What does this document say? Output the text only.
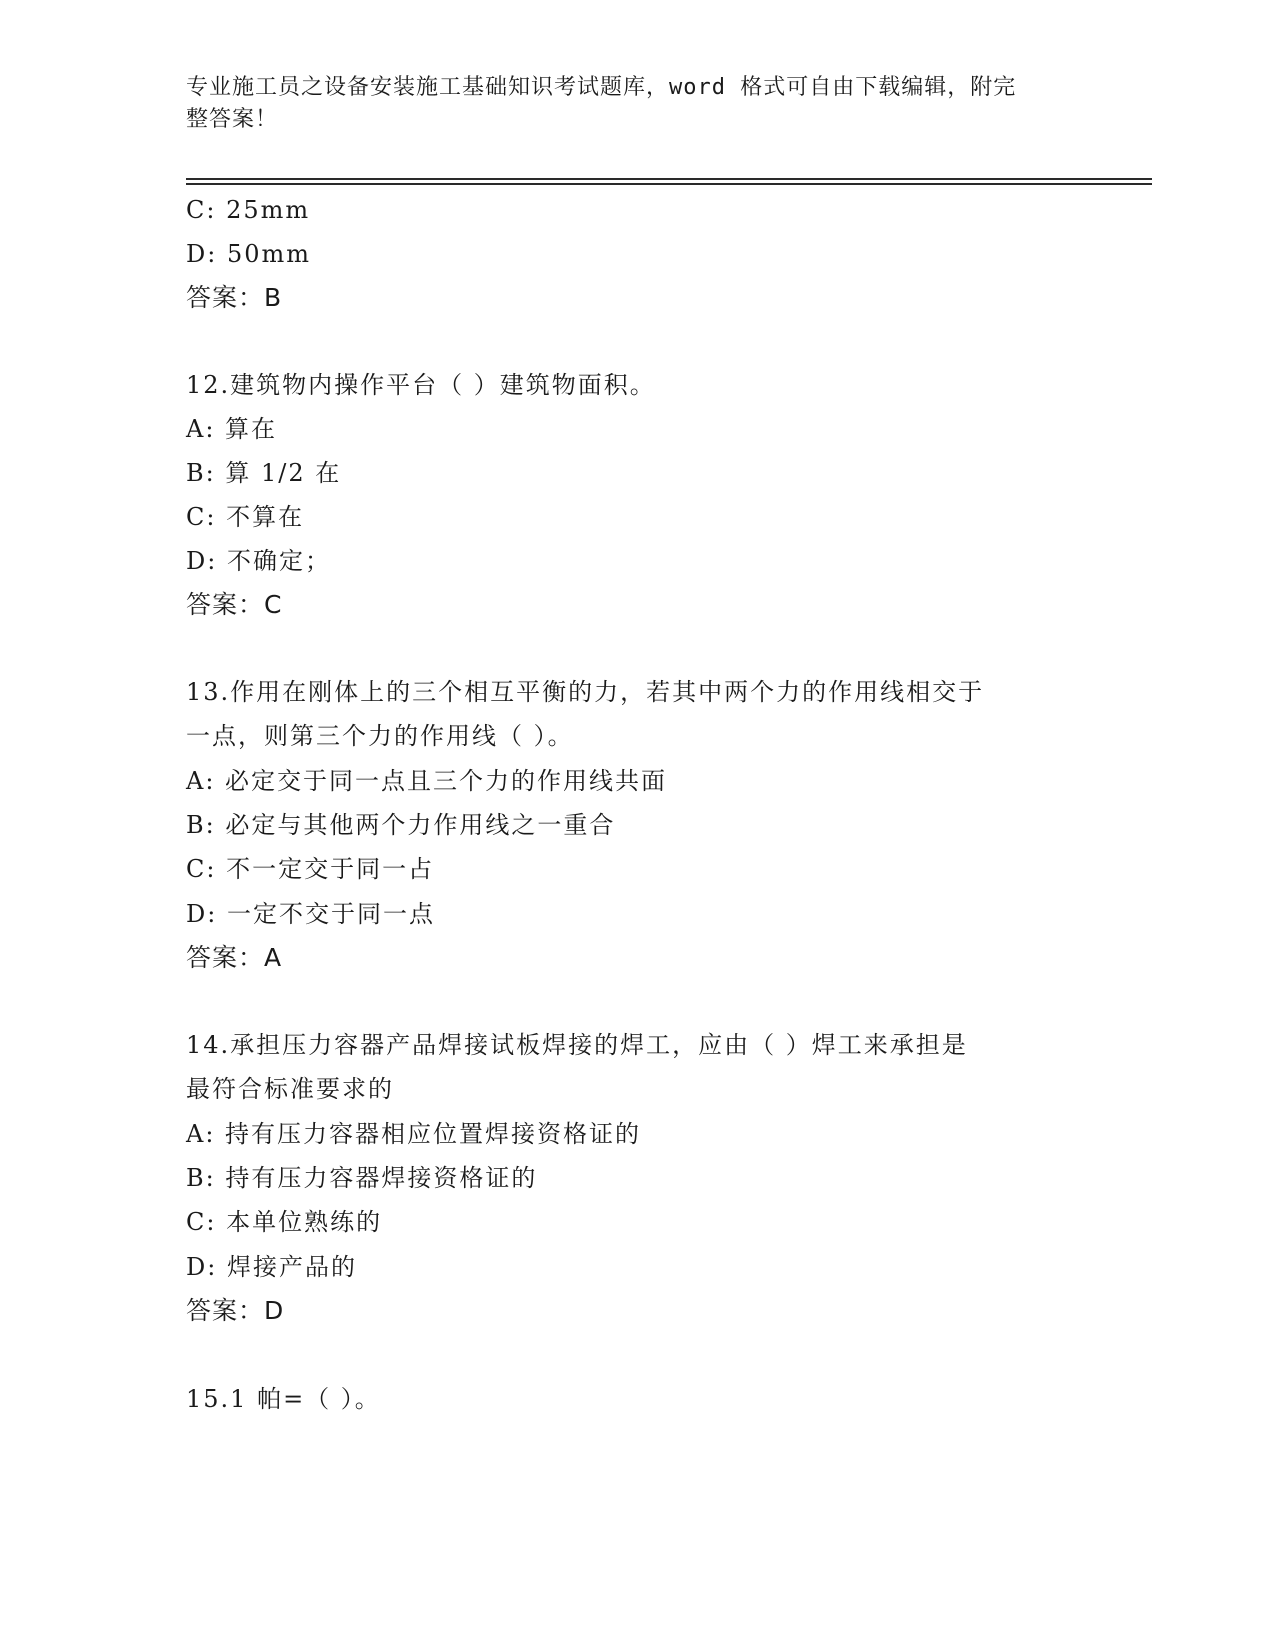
专业施工员之设备安装施工基础知识考试题库，word 格式可自由下载编辑，附完
整答案！
C: 25mm
D: 50mm
答案：B
12.建筑物内操作平台（ ）建筑物面积。
A: 算在
B: 算 1/2 在
C: 不算在
D: 不确定；
答案：C
13.作用在刚体上的三个相互平衡的力，若其中两个力的作用线相交于
一点，则第三个力的作用线（ ）。
A: 必定交于同一点且三个力的作用线共面
B: 必定与其他两个力作用线之一重合
C: 不一定交于同一占
D: 一定不交于同一点
答案：A
14.承担压力容器产品焊接试板焊接的焊工，应由（ ）焊工来承担是
最符合标准要求的
A: 持有压力容器相应位置焊接资格证的
B: 持有压力容器焊接资格证的
C: 本单位熟练的
D: 焊接产品的
答案：D
15.1 帕=（ ）。
